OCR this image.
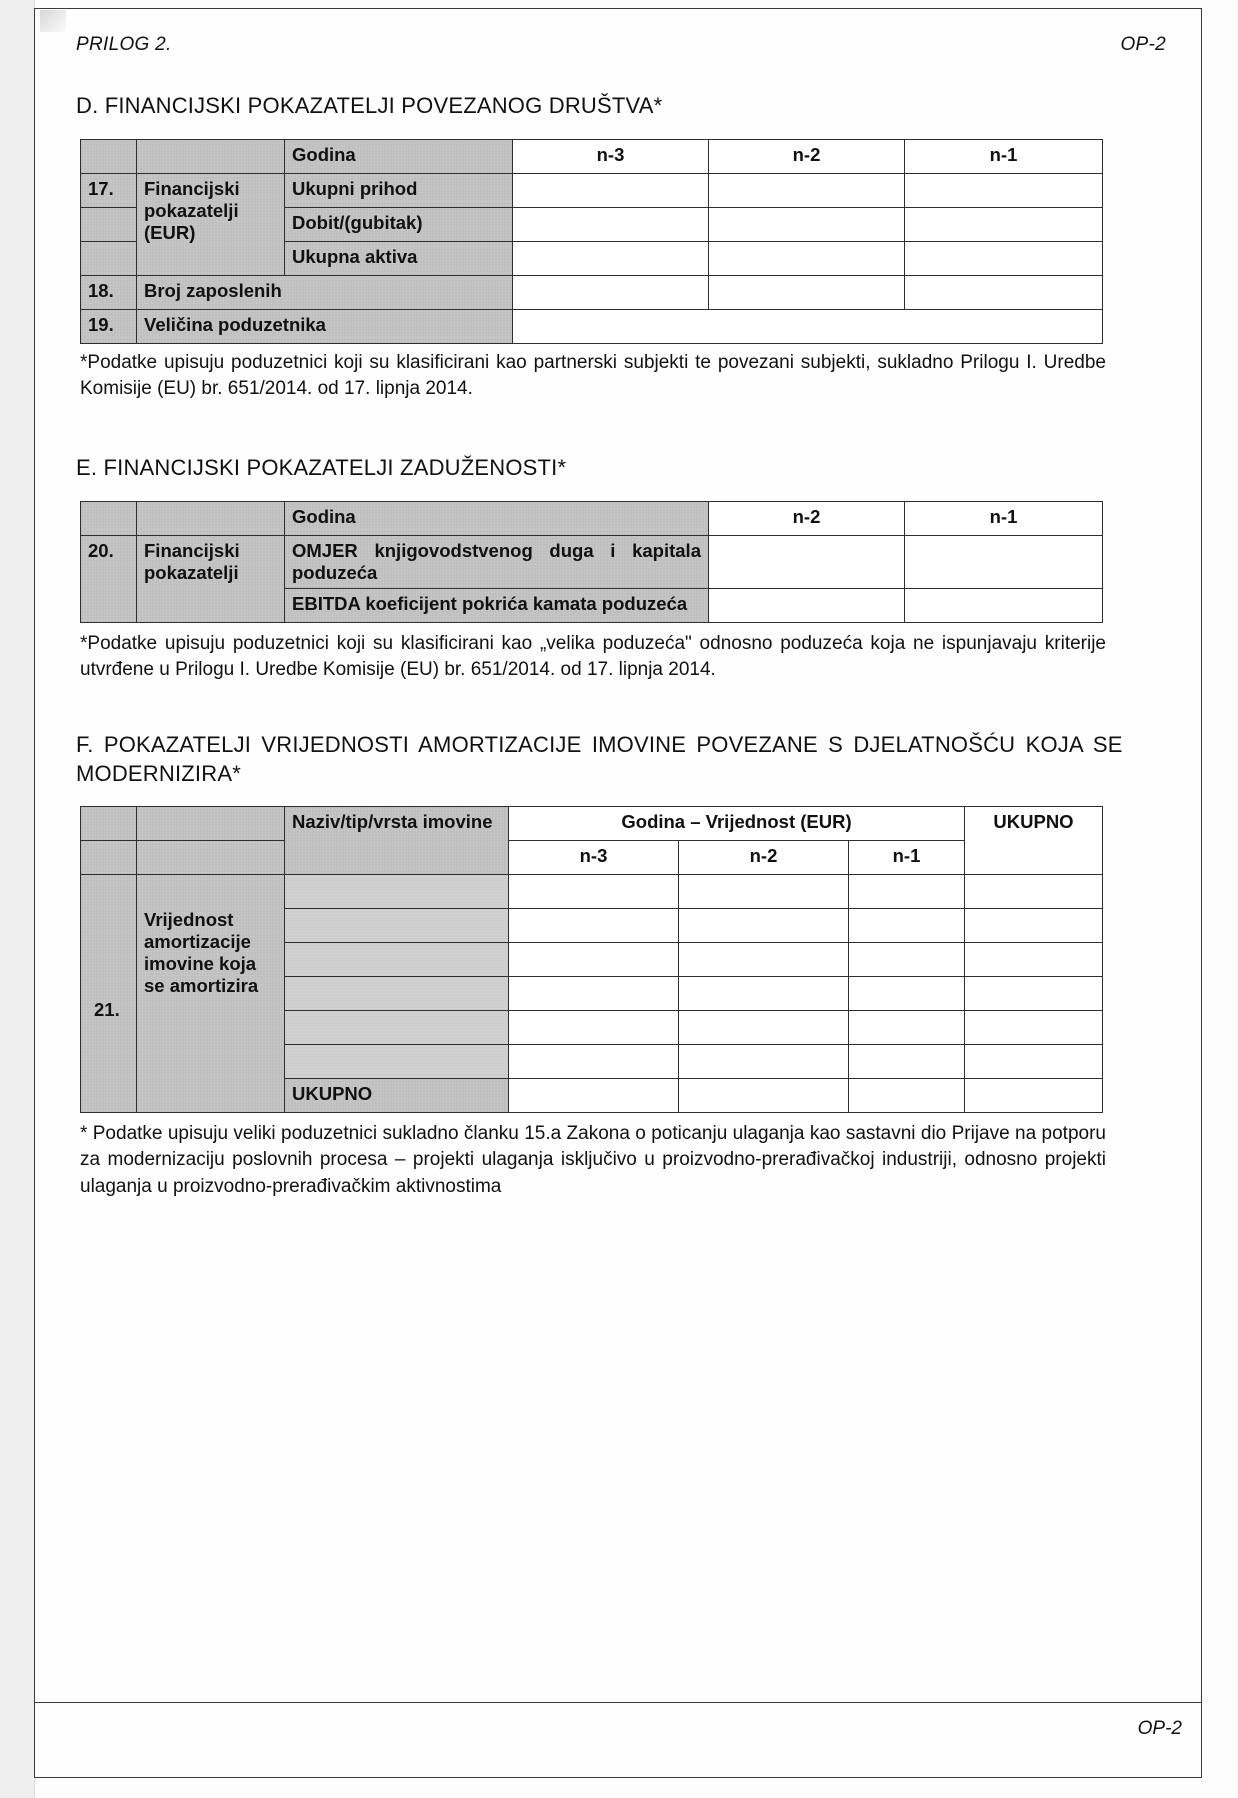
PRILOG 2.	OP-2
D. FINANCIJSKI POKAZATELJI POVEZANOG DRUŠTVA*
		Godina	n-3	n-2	n-1
17.	Financijski pokazatelji (EUR)	Ukupni prihod			
		Dobit/(gubitak)			
		Ukupna aktiva			
18.	Broj zaposlenih				
19.	Veličina poduzetnika				
*Podatke upisuju poduzetnici koji su klasificirani kao partnerski subjekti te povezani subjekti, sukladno Prilogu I. Uredbe Komisije (EU) br. 651/2014. od 17. lipnja 2014.
E. FINANCIJSKI POKAZATELJI ZADUŽENOSTI*
		Godina	n-2	n-1
20.	Financijski pokazatelji	OMJER knjigovodstvenog duga i kapitala poduzeća		
		EBITDA koeficijent pokrića kamata poduzeća		
*Podatke upisuju poduzetnici koji su klasificirani kao „velika poduzeća" odnosno poduzeća koja ne ispunjavaju kriterije utvrđene u Prilogu I. Uredbe Komisije (EU) br. 651/2014. od 17. lipnja 2014.
F. POKAZATELJI VRIJEDNOSTI AMORTIZACIJE IMOVINE POVEZANE S DJELATNOŠĆU KOJA SE MODERNIZIRA*
		Naziv/tip/vrsta imovine	Godina – Vrijednost (EUR)			UKUPNO
			n-3	n-2	n-1	

21.	Vrijednost amortizacije imovine koja se amortizira					

		UKUPNO				
* Podatke upisuju veliki poduzetnici sukladno članku 15.a Zakona o poticanju ulaganja kao sastavni dio Prijave na potporu za modernizaciju poslovnih procesa – projekti ulaganja isključivo u proizvodno-prerađivačkoj industriji, odnosno projekti ulaganja u proizvodno-prerađivačkim aktivnostima
OP-2
